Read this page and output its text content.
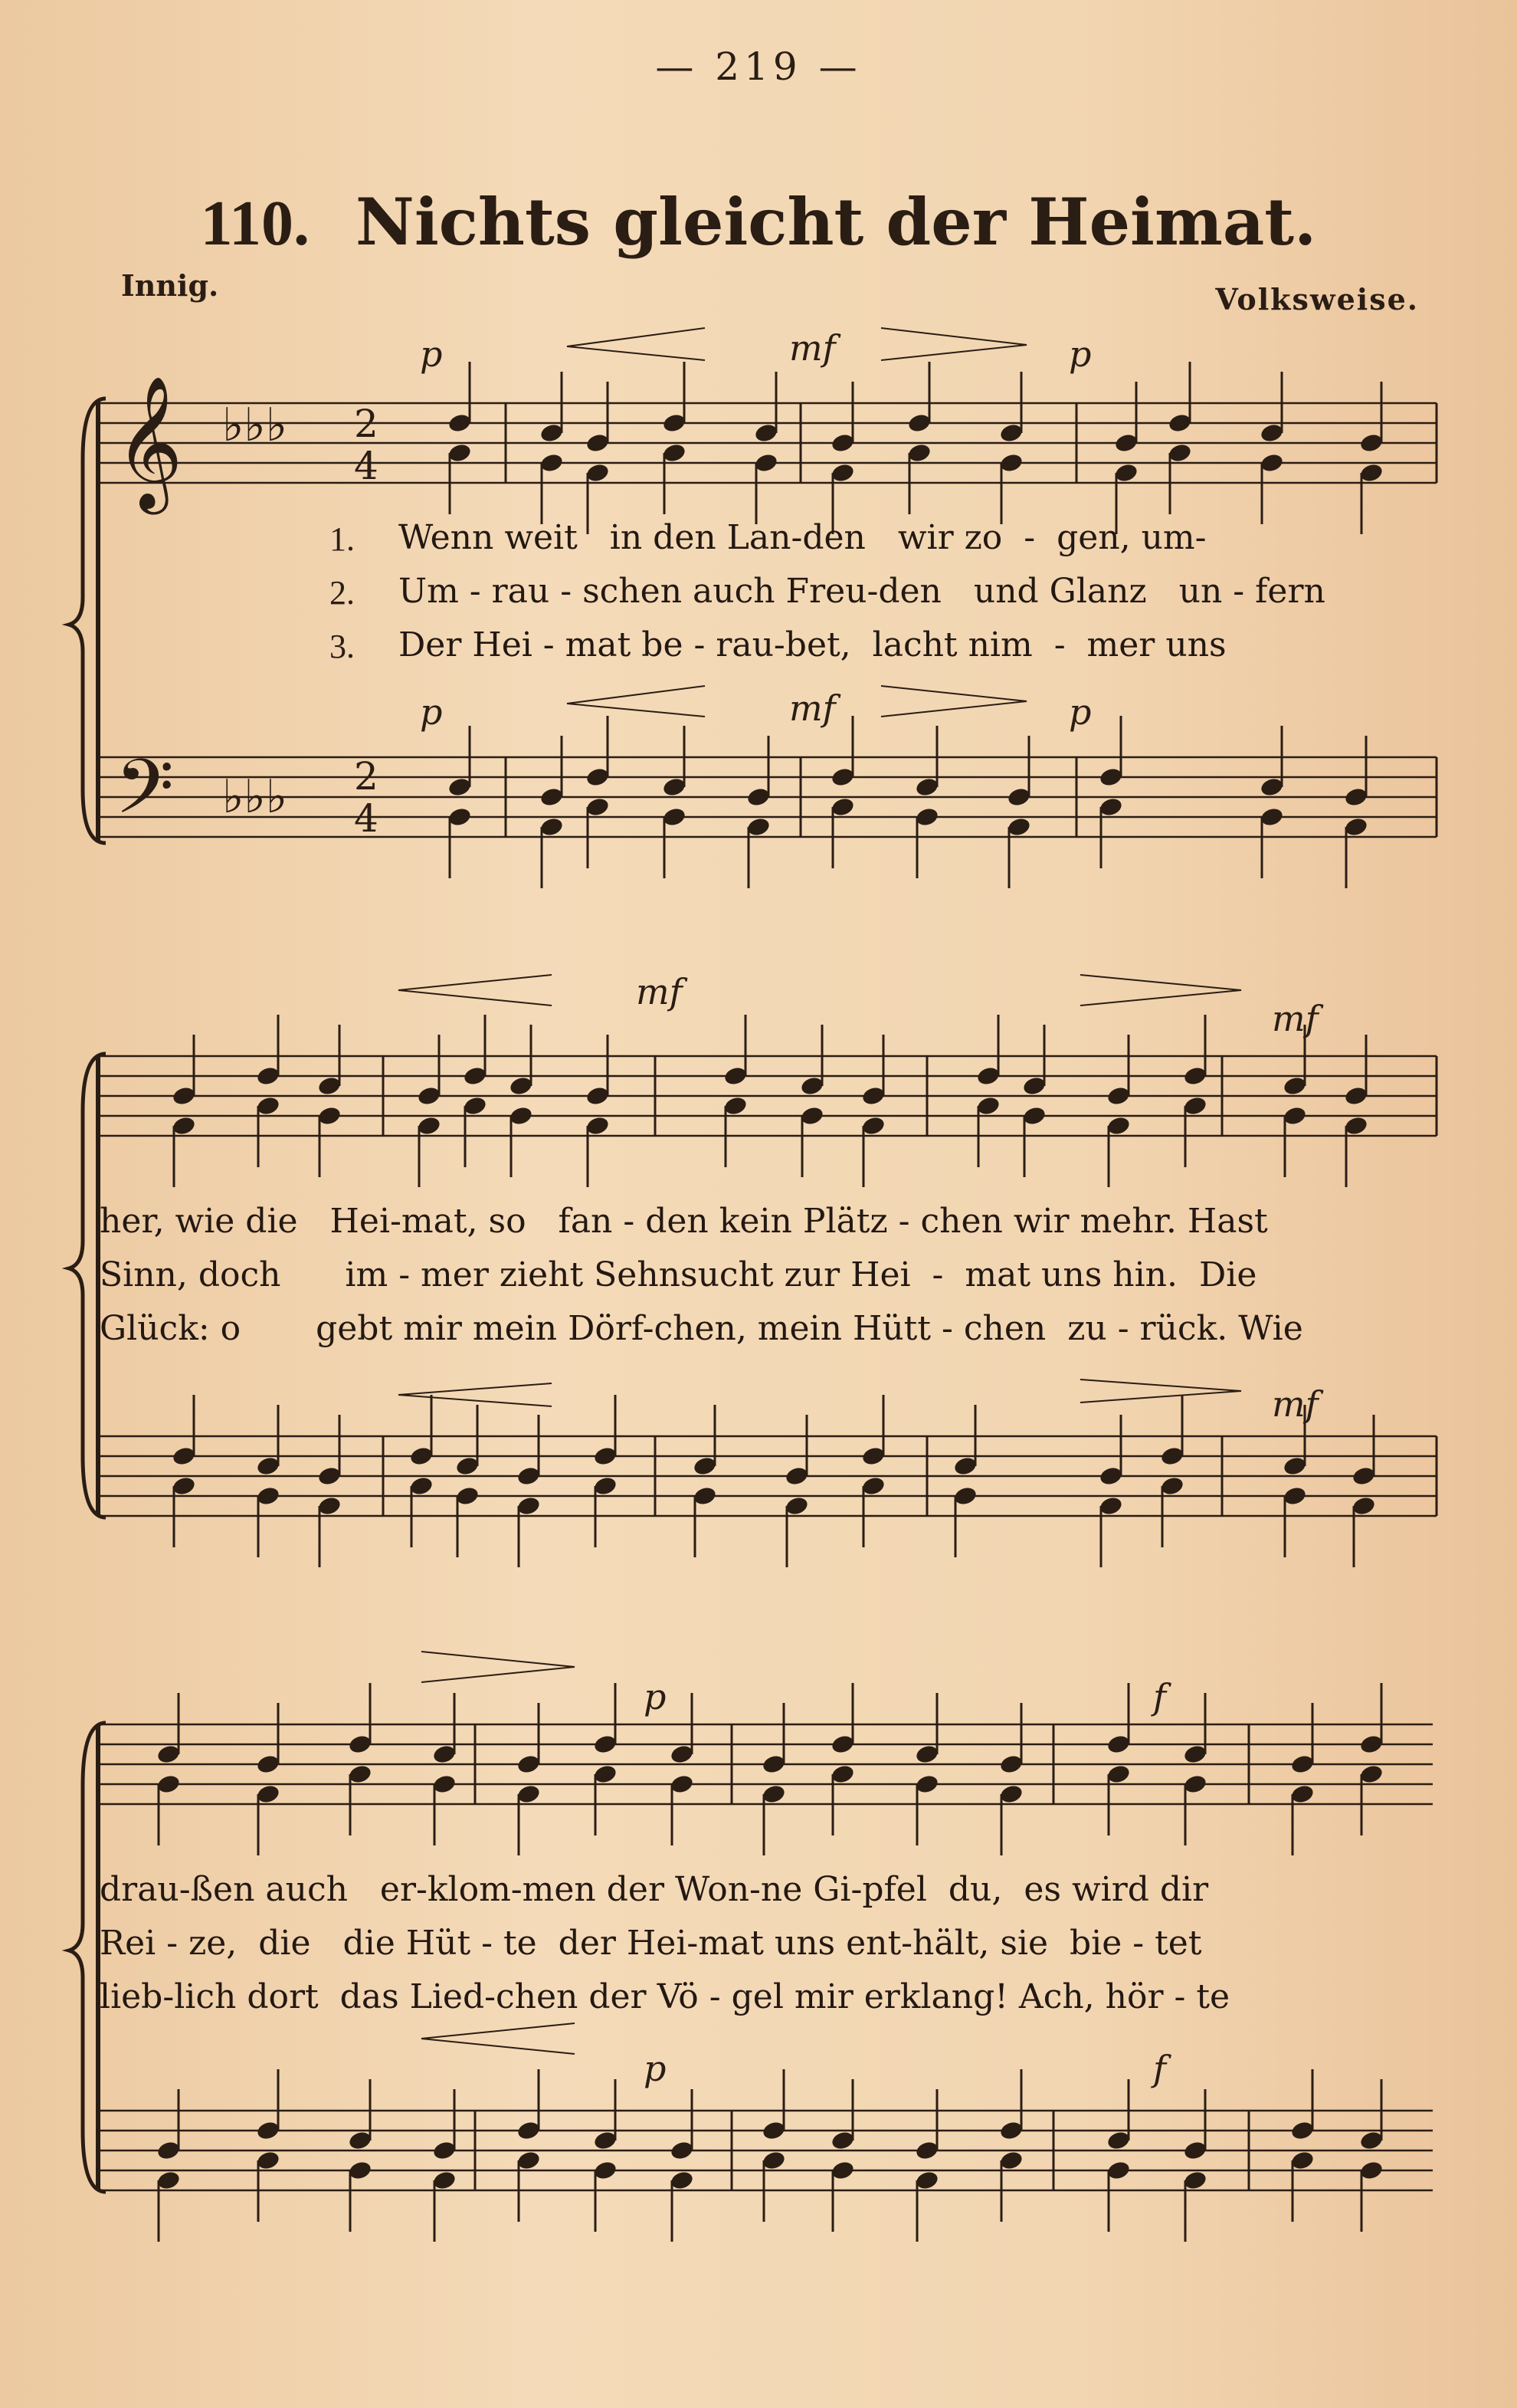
— 219 —
110. Nichts gleicht der Heimat.
Innig.	Volksweise.
𝄞
𝄢
♭♭♭
♭♭♭
2
4
2
4
p	mf	p
p	mf	p
mf
mf
mf
p	f
p	f
1.
2.
3.
Wenn weit   in den Lan-den   wir zo  -  gen, um-
Um - rau - schen auch Freu-den   und Glanz   un - fern
Der Hei - mat be - rau-bet,  lacht nim  -  mer uns
her, wie die   Hei-mat, so   fan - den kein Plätz - chen wir mehr. Hast
Sinn, doch      im - mer zieht Sehnsucht zur Hei  -  mat uns hin.  Die
Glück: o       gebt mir mein Dörf-chen, mein Hütt - chen  zu - rück. Wie
drau-ßen auch   er-klom-men der Won-ne Gi-pfel  du,  es wird dir
Rei - ze,  die   die Hüt - te  der Hei-mat uns ent-hält, sie  bie - tet
lieb-lich dort  das Lied-chen der Vö - gel mir erklang! Ach, hör - te
